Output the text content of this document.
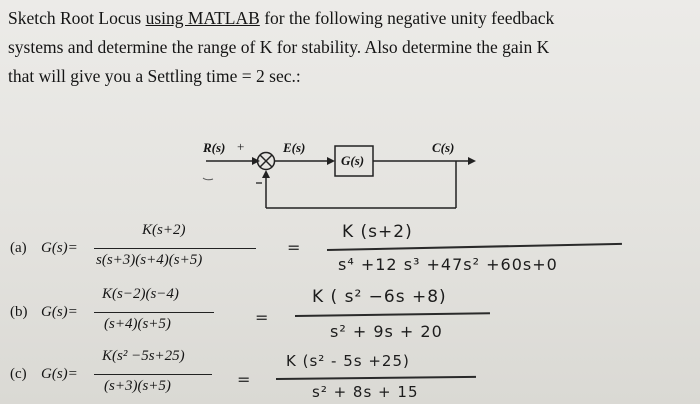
Sketch Root Locus using MATLAB for the following negative unity feedback
systems and determine the range of K for stability. Also determine the gain K
that will give you a Settling time = 2 sec.:
R(s) +	E(s)
G(s)
C(s)
(a) G(s)=
K(s+2)
s(s+3)(s+4)(s+5)
=
K (s+2)
s⁴ +12 s³ +47s² +60s+0
(b) G(s)=
K(s−2)(s−4)
(s+4)(s+5)	=
K ( s² −6s +8)
s² + 9s + 20
(c) G(s)=
K(s² −5s+25)
(s+3)(s+5)	=
K (s² - 5s +25)
s² + 8s + 15
